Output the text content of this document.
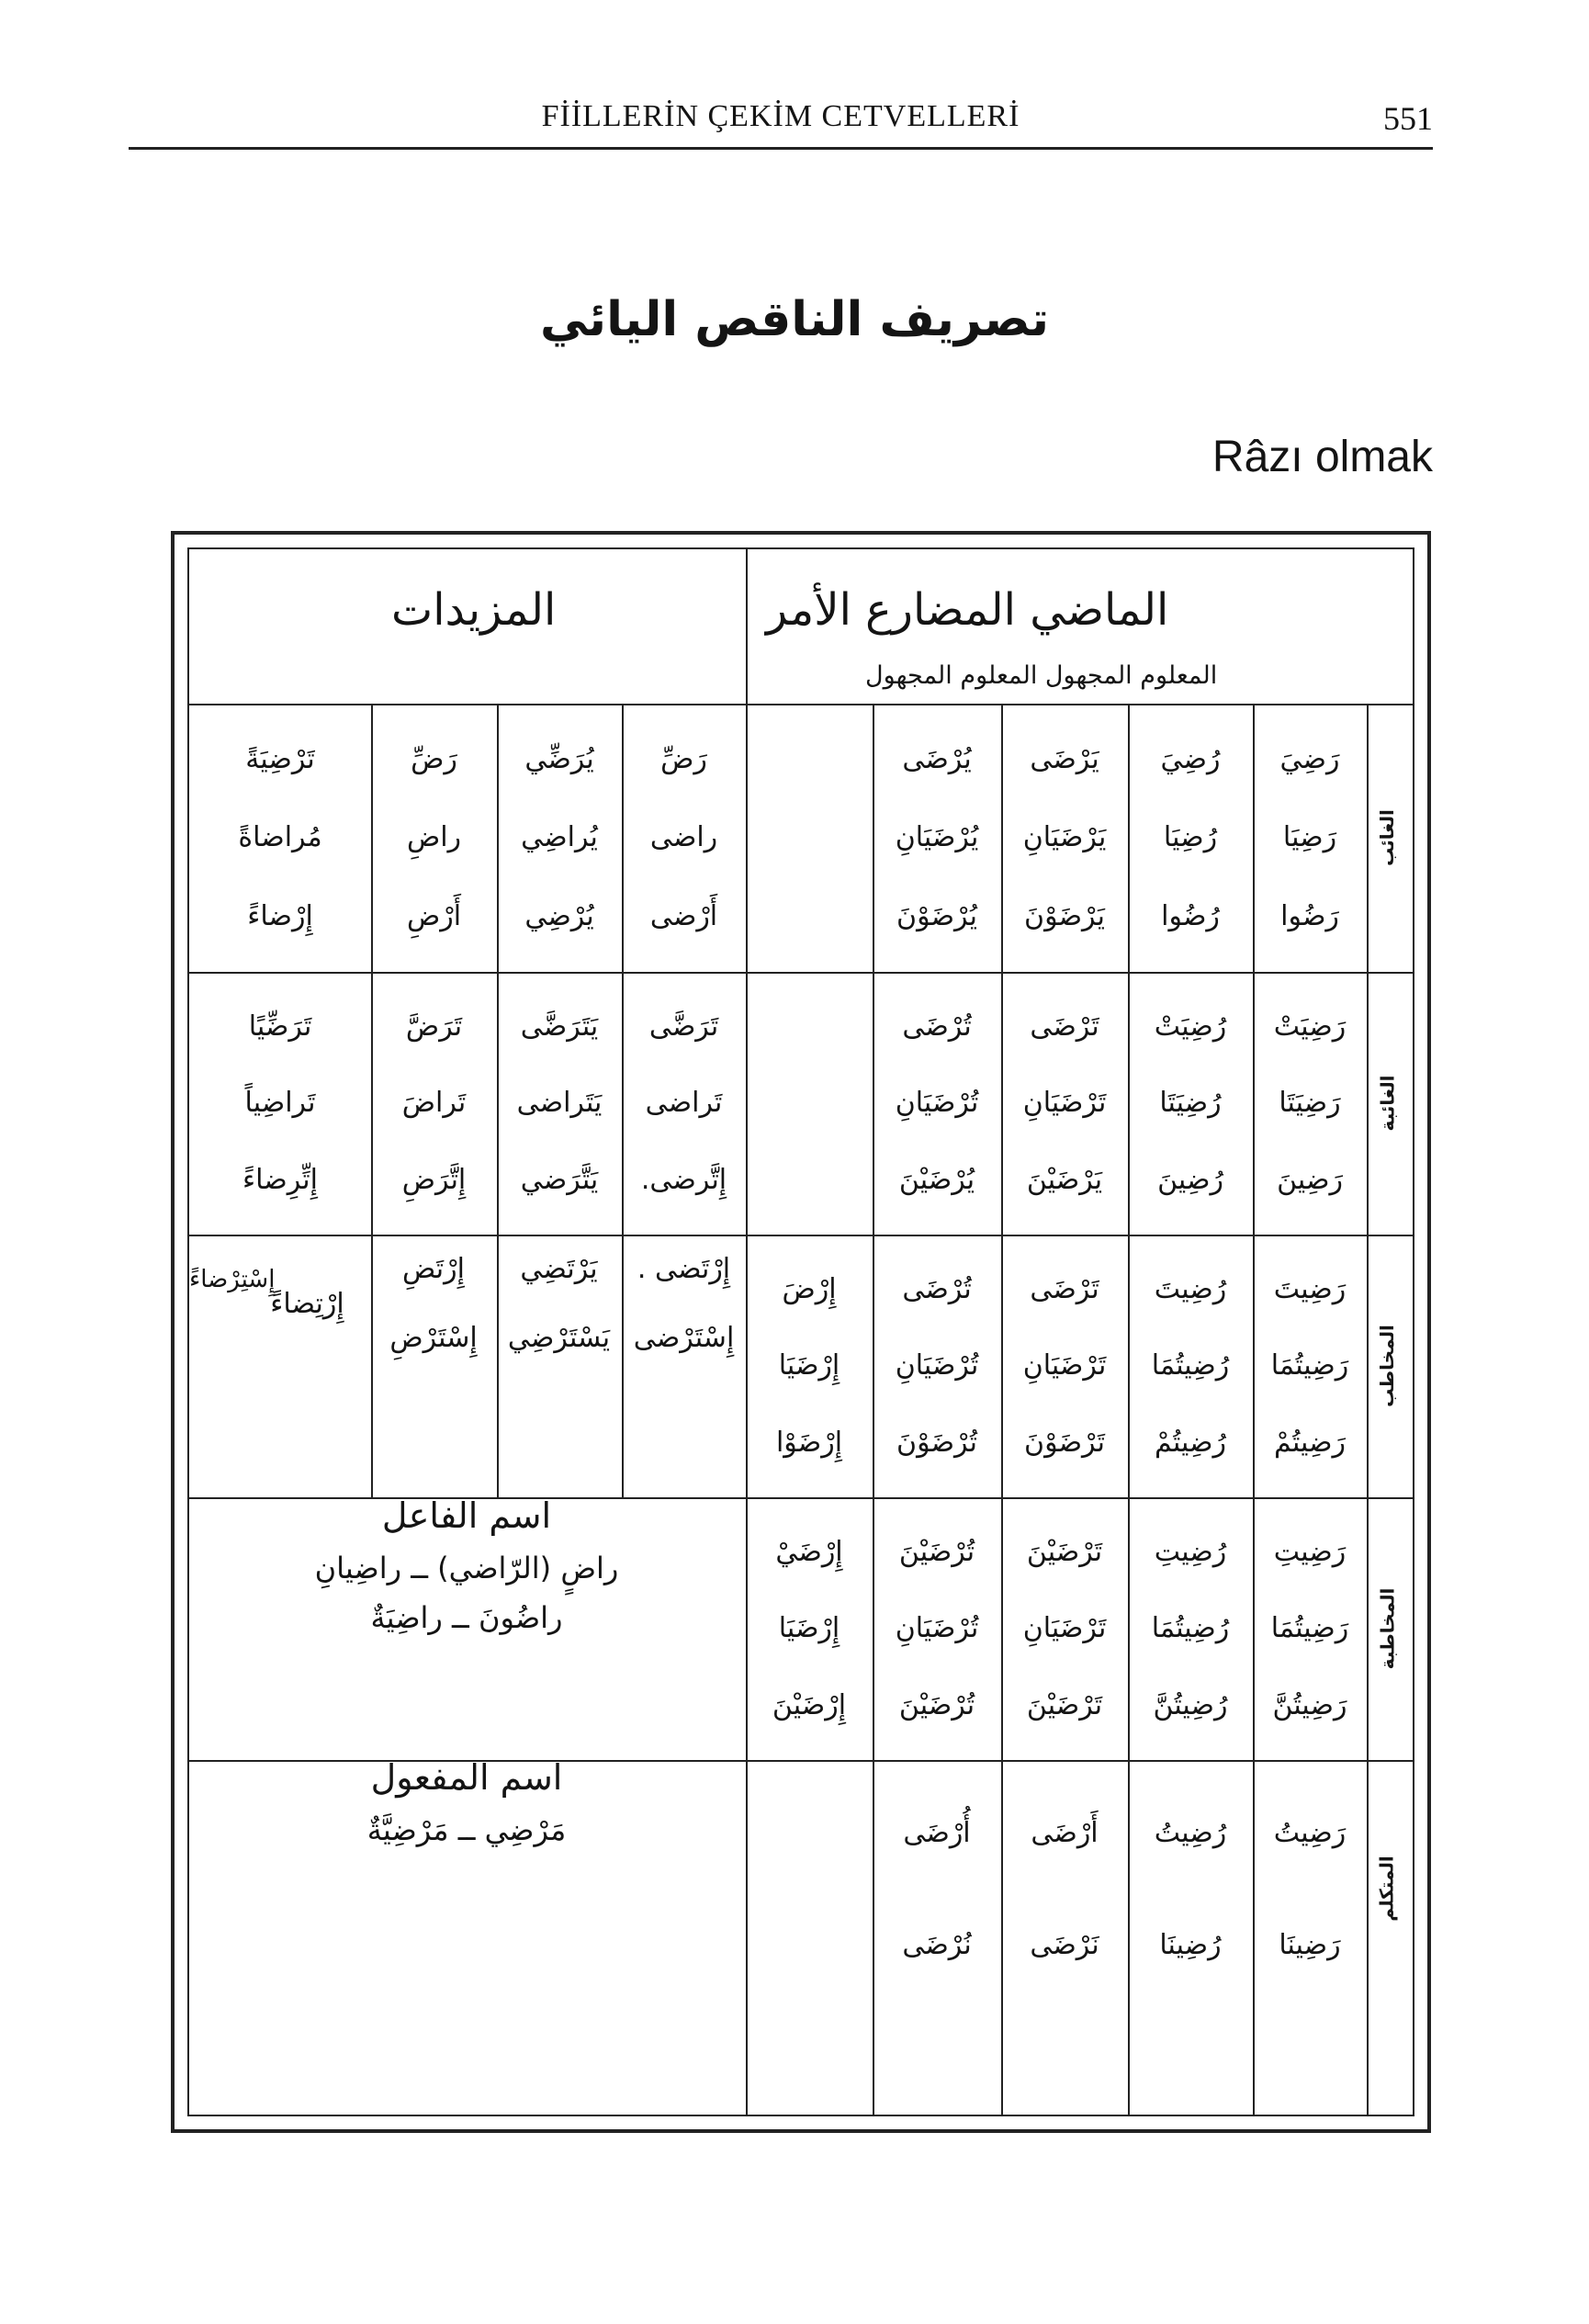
FİİLLERİN ÇEKİM CETVELLERİ	551
تصريف الناقص اليائي
Râzı olmak
المزيدات	الماضي المضارع الأمر
المعلوم المجهول المعلوم المجهول
إِرْتَضى .
إِسْتَرْضى
يَرْتَضِي
يَسْتَرْضِي
إِرْتَضِ
إِسْتَرْضِ
إِرْتِضاءً
إِسْتِرْضاءً
اسم الفاعل
راضٍ (الرّاضي) ــ راضِيانِ
راضُونَ ــ راضِيَةٌ
اسم المفعول
مَرْضِي ــ مَرْضِيَّةٌ
الغائب
الغائبة
المخاطب
المخاطبة
المتكلم
رَضِيَ
رَضِيَا
رَضُوا
رَضِيَتْ
رَضِيَتَا
رَضِينَ
رَضِيتَ
رَضِيتُمَا
رَضِيتُمْ
رَضِيتِ
رَضِيتُمَا
رَضِيتُنَّ
رَضِيتُ
رَضِينَا
رُضِيَ
رُضِيَا
رُضُوا
رُضِيَتْ
رُضِيَتَا
رُضِينَ
رُضِيتَ
رُضِيتُمَا
رُضِيتُمْ
رُضِيتِ
رُضِيتُمَا
رُضِيتُنَّ
رُضِيتُ
رُضِينَا
يَرْضَى
يَرْضَيَانِ
يَرْضَوْنَ
تَرْضَى
تَرْضَيَانِ
يَرْضَيْنَ
تَرْضَى
تَرْضَيَانِ
تَرْضَوْنَ
تَرْضَيْنَ
تَرْضَيَانِ
تَرْضَيْنَ
أَرْضَى
نَرْضَى
يُرْضَى
يُرْضَيَانِ
يُرْضَوْنَ
تُرْضَى
تُرْضَيَانِ
يُرْضَيْنَ
تُرْضَى
تُرْضَيَانِ
تُرْضَوْنَ
تُرْضَيْنَ
تُرْضَيَانِ
تُرْضَيْنَ
أُرْضَى
نُرْضَى
إِرْضَ
إِرْضَيَا
إِرْضَوْا
إِرْضَيْ
إِرْضَيَا
إِرْضَيْنَ
رَضِّ
راضى
أَرْضى
تَرَضَّى
تَراضى
إِتَّرضى.
يُرَضِّي
يُراضِي
يُرْضِي
يَتَرَضَّى
يَتَراضى
يَتَّرَضي
رَضِّ
راضِ
أَرْضِ
تَرَضَّ
تَراضَ
إِتَّرَضِ
تَرْضِيَةً
مُراضاةً
إِرْضاءً
تَرَضِّيًا
تَراضِياً
إِتِّرِضاءً
